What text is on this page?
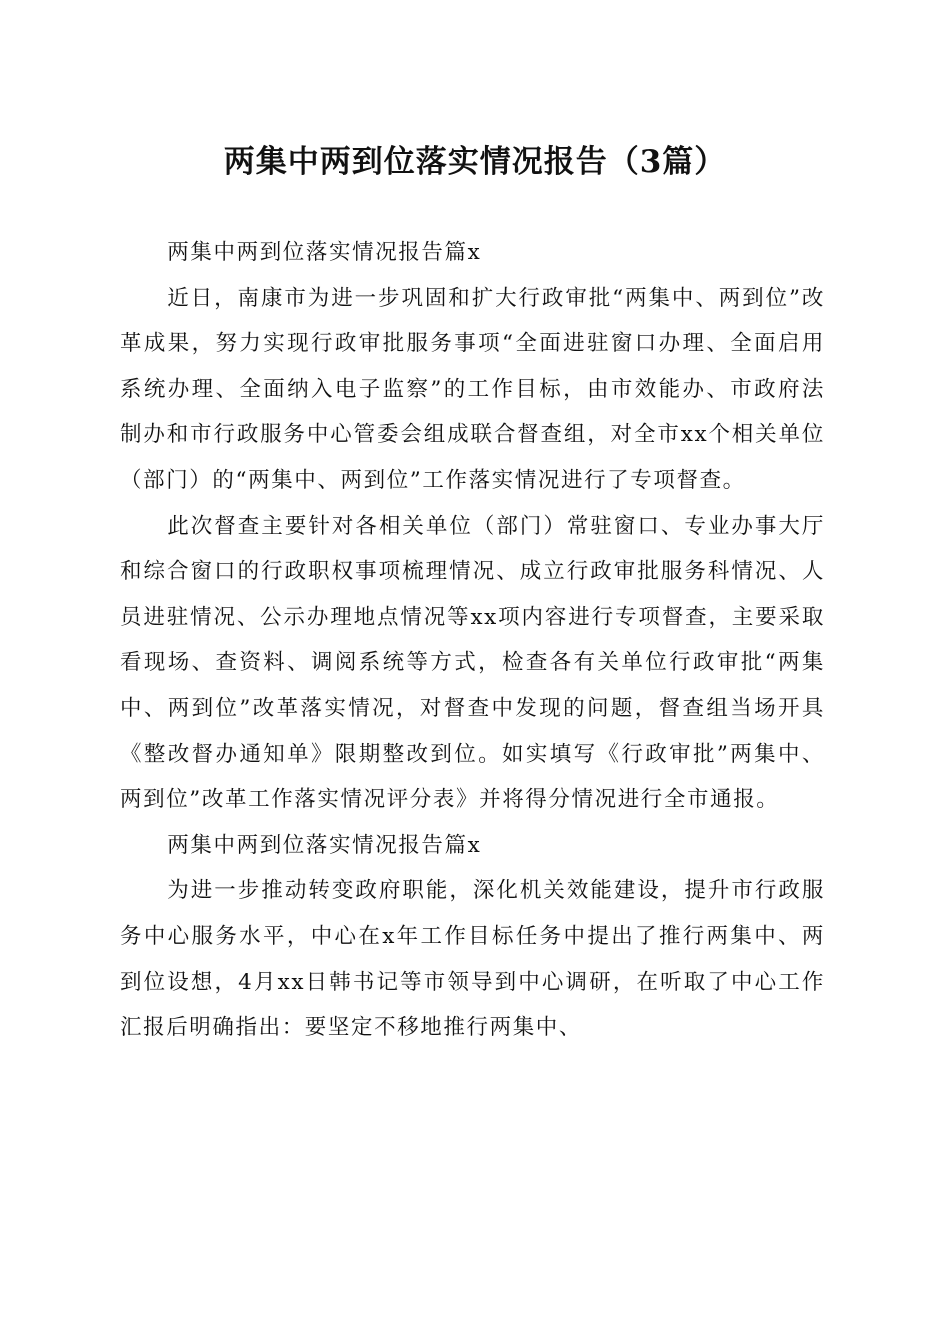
两集中两到位落实情况报告（3篇）

两集中两到位落实情况报告篇x

近日，南康市为进一步巩固和扩大行政审批“两集中、两到位”改革成果，努力实现行政审批服务事项“全面进驻窗口办理、全面启用系统办理、全面纳入电子监察”的工作目标，由市效能办、市政府法制办和市行政服务中心管委会组成联合督查组，对全市xx个相关单位（部门）的“两集中、两到位”工作落实情况进行了专项督查。

此次督查主要针对各相关单位（部门）常驻窗口、专业办事大厅和综合窗口的行政职权事项梳理情况、成立行政审批服务科情况、人员进驻情况、公示办理地点情况等xx项内容进行专项督查，主要采取看现场、查资料、调阅系统等方式，检查各有关单位行政审批“两集中、两到位”改革落实情况，对督查中发现的问题，督查组当场开具《整改督办通知单》限期整改到位。如实填写《行政审批”两集中、两到位”改革工作落实情况评分表》并将得分情况进行全市通报。

两集中两到位落实情况报告篇x

为进一步推动转变政府职能，深化机关效能建设，提升市行政服务中心服务水平，中心在x年工作目标任务中提出了推行两集中、两到位设想，4月xx日韩书记等市领导到中心调研，在听取了中心工作汇报后明确指出：要坚定不移地推行两集中、
